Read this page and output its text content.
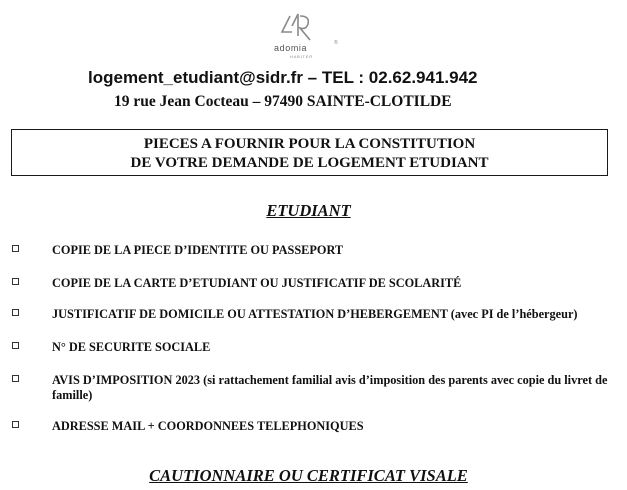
®
adomia
HABITER
logement_etudiant@sidr.fr – TEL : 02.62.941.942
19 rue Jean Cocteau – 97490 SAINTE-CLOTILDE
PIECES A FOURNIR POUR LA CONSTITUTION
DE VOTRE DEMANDE DE LOGEMENT ETUDIANT
ETUDIANT
COPIE DE LA PIECE D’IDENTITE OU PASSEPORT
COPIE DE LA CARTE D’ETUDIANT OU JUSTIFICATIF DE SCOLARITÉ
JUSTIFICATIF DE DOMICILE OU ATTESTATION D’HEBERGEMENT (avec PI de l’hébergeur)
N° DE SECURITE SOCIALE
AVIS D’IMPOSITION 2023 (si rattachement familial avis d’imposition des parents avec copie du livret de famille)
ADRESSE MAIL + COORDONNEES TELEPHONIQUES
CAUTIONNAIRE OU CERTIFICAT VISALE
